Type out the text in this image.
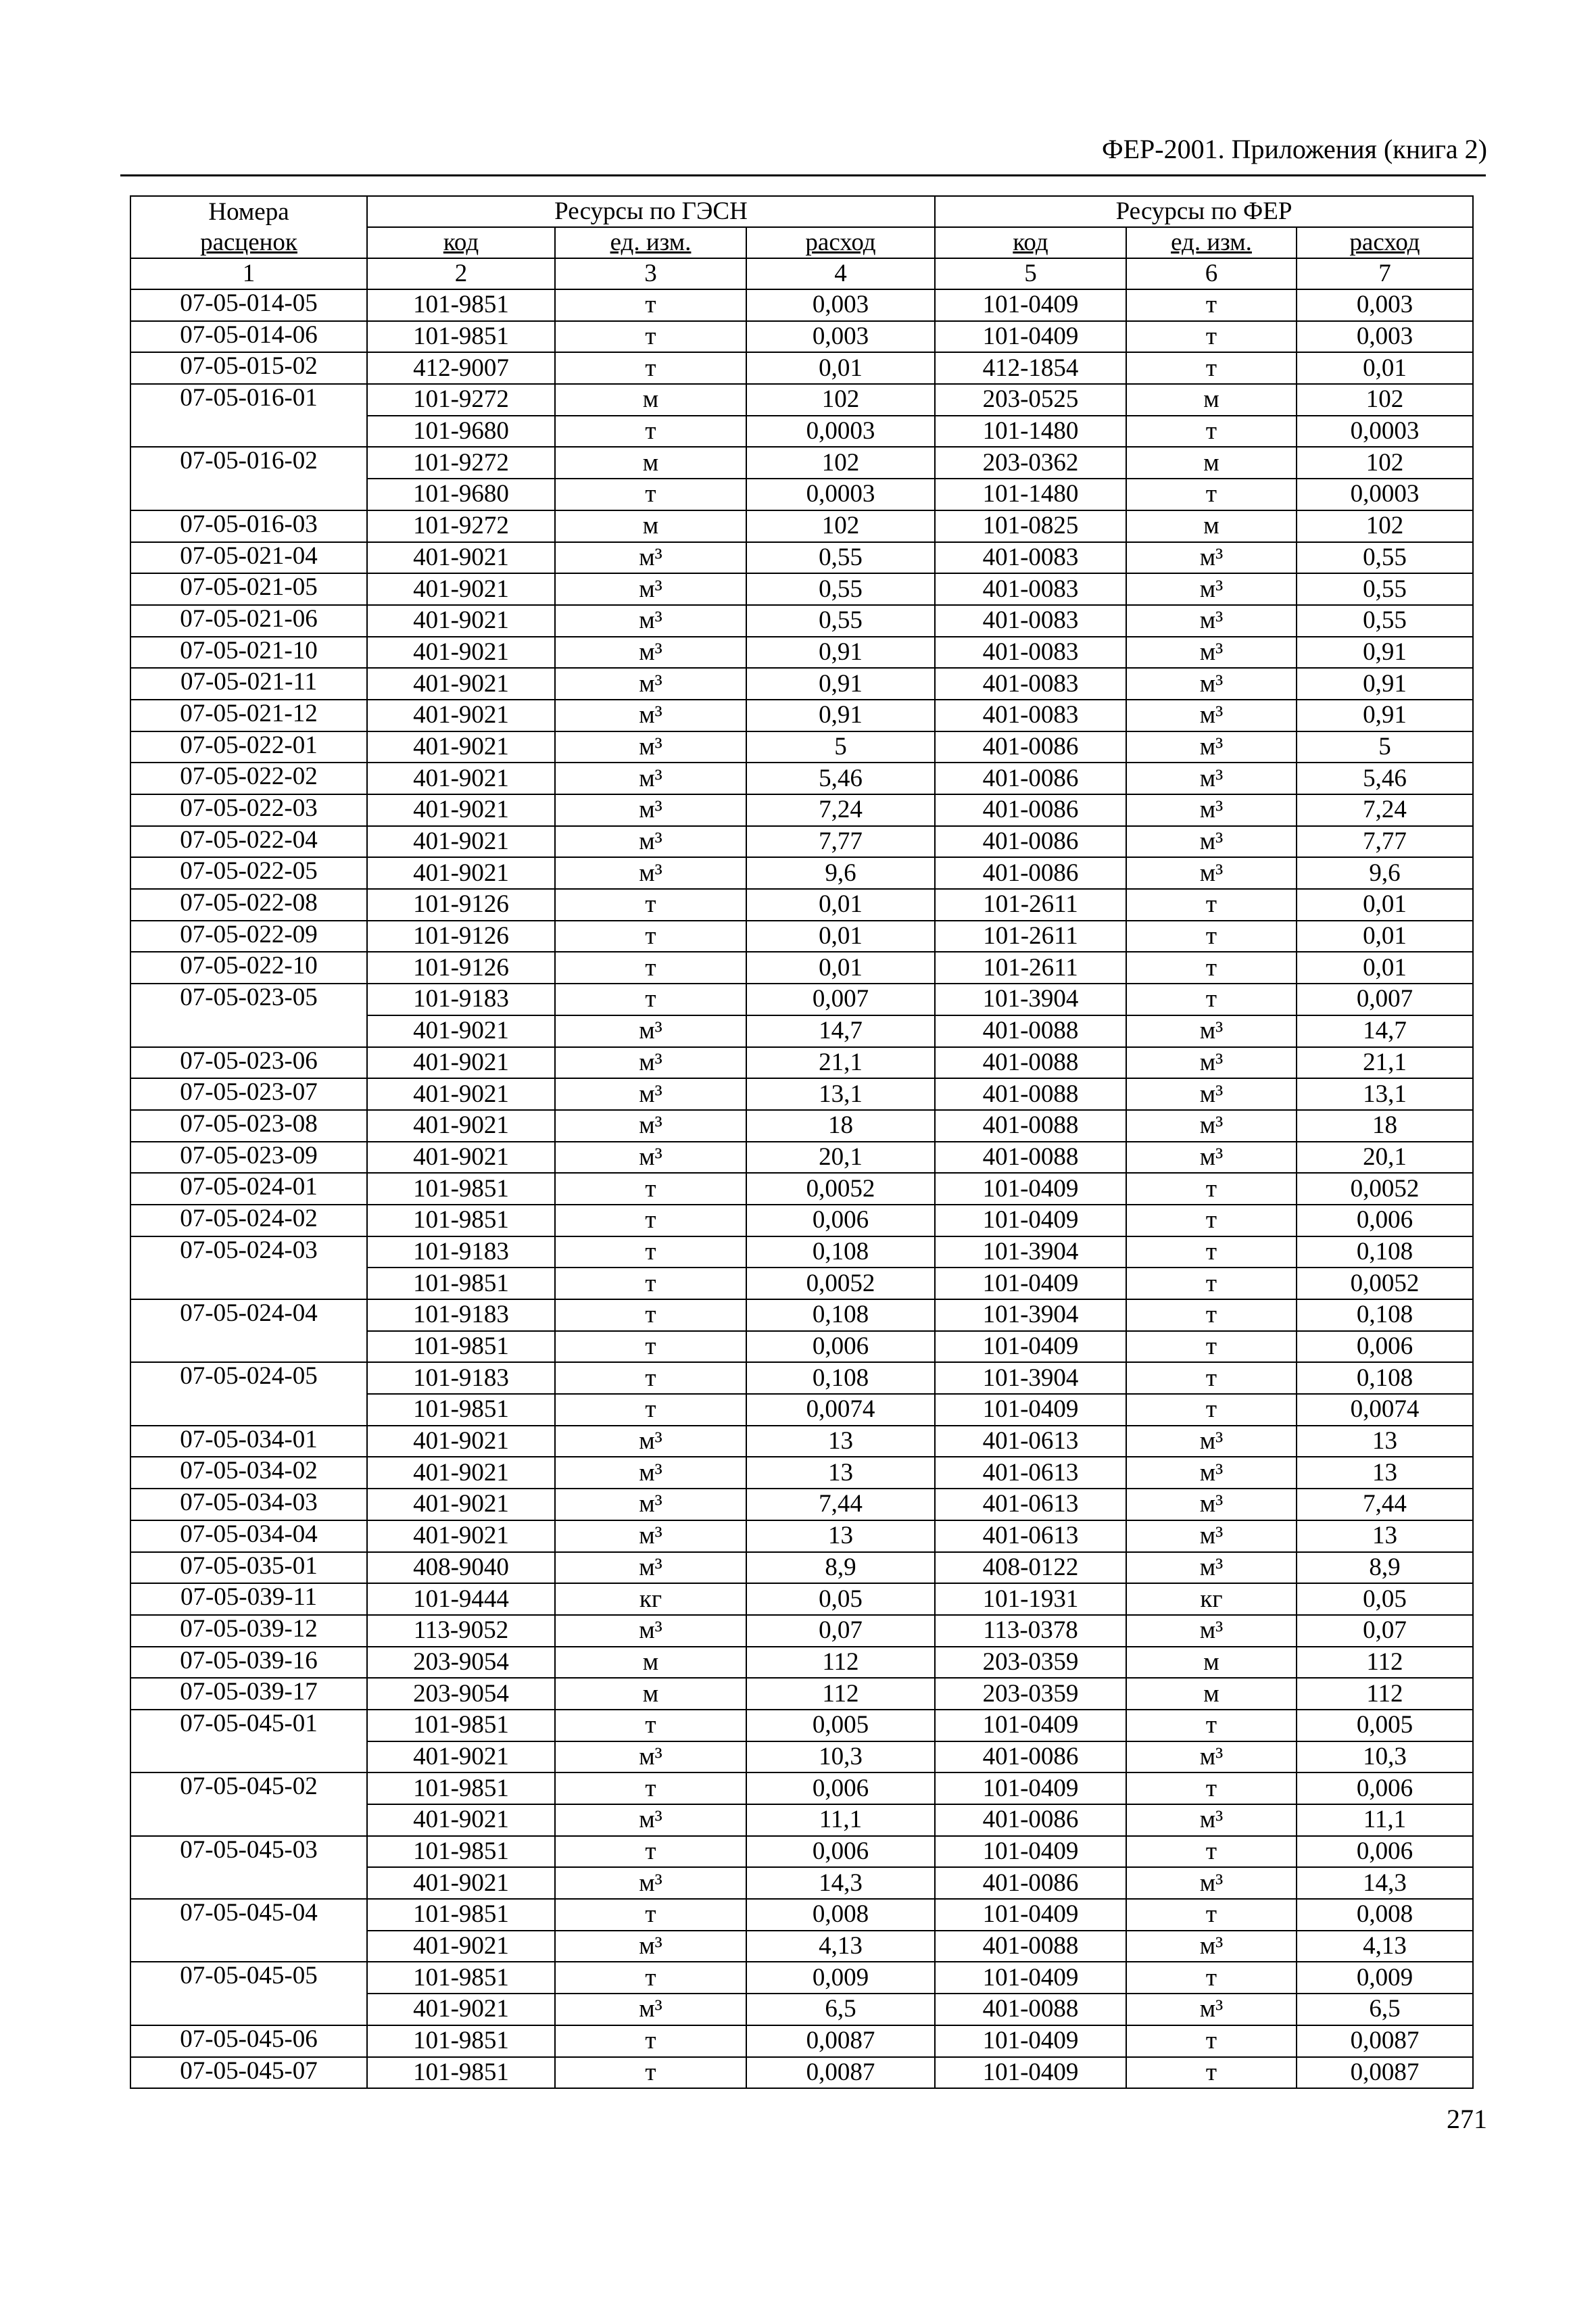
ФЕР-2001. Приложения (книга 2)
Номера	Ресурсы по ГЭСН			Ресурсы по ФЕР		
расценок	код	ед. изм.	расход	код	ед. изм.	расход
1	2	3	4	5	6	7
07-05-014-05	101-9851	т	0,003	101-0409	т	0,003
07-05-014-06	101-9851	т	0,003	101-0409	т	0,003
07-05-015-02	412-9007	т	0,01	412-1854	т	0,01
07-05-016-01	101-9272	м	102	203-0525	м	102
	101-9680	т	0,0003	101-1480	т	0,0003
07-05-016-02	101-9272	м	102	203-0362	м	102
	101-9680	т	0,0003	101-1480	т	0,0003
07-05-016-03	101-9272	м	102	101-0825	м	102
07-05-021-04	401-9021	м³	0,55	401-0083	м³	0,55
07-05-021-05	401-9021	м³	0,55	401-0083	м³	0,55
07-05-021-06	401-9021	м³	0,55	401-0083	м³	0,55
07-05-021-10	401-9021	м³	0,91	401-0083	м³	0,91
07-05-021-11	401-9021	м³	0,91	401-0083	м³	0,91
07-05-021-12	401-9021	м³	0,91	401-0083	м³	0,91
07-05-022-01	401-9021	м³	5	401-0086	м³	5
07-05-022-02	401-9021	м³	5,46	401-0086	м³	5,46
07-05-022-03	401-9021	м³	7,24	401-0086	м³	7,24
07-05-022-04	401-9021	м³	7,77	401-0086	м³	7,77
07-05-022-05	401-9021	м³	9,6	401-0086	м³	9,6
07-05-022-08	101-9126	т	0,01	101-2611	т	0,01
07-05-022-09	101-9126	т	0,01	101-2611	т	0,01
07-05-022-10	101-9126	т	0,01	101-2611	т	0,01
07-05-023-05	101-9183	т	0,007	101-3904	т	0,007
	401-9021	м³	14,7	401-0088	м³	14,7
07-05-023-06	401-9021	м³	21,1	401-0088	м³	21,1
07-05-023-07	401-9021	м³	13,1	401-0088	м³	13,1
07-05-023-08	401-9021	м³	18	401-0088	м³	18
07-05-023-09	401-9021	м³	20,1	401-0088	м³	20,1
07-05-024-01	101-9851	т	0,0052	101-0409	т	0,0052
07-05-024-02	101-9851	т	0,006	101-0409	т	0,006
07-05-024-03	101-9183	т	0,108	101-3904	т	0,108
	101-9851	т	0,0052	101-0409	т	0,0052
07-05-024-04	101-9183	т	0,108	101-3904	т	0,108
	101-9851	т	0,006	101-0409	т	0,006
07-05-024-05	101-9183	т	0,108	101-3904	т	0,108
	101-9851	т	0,0074	101-0409	т	0,0074
07-05-034-01	401-9021	м³	13	401-0613	м³	13
07-05-034-02	401-9021	м³	13	401-0613	м³	13
07-05-034-03	401-9021	м³	7,44	401-0613	м³	7,44
07-05-034-04	401-9021	м³	13	401-0613	м³	13
07-05-035-01	408-9040	м³	8,9	408-0122	м³	8,9
07-05-039-11	101-9444	кг	0,05	101-1931	кг	0,05
07-05-039-12	113-9052	м³	0,07	113-0378	м³	0,07
07-05-039-16	203-9054	м	112	203-0359	м	112
07-05-039-17	203-9054	м	112	203-0359	м	112
07-05-045-01	101-9851	т	0,005	101-0409	т	0,005
	401-9021	м³	10,3	401-0086	м³	10,3
07-05-045-02	101-9851	т	0,006	101-0409	т	0,006
	401-9021	м³	11,1	401-0086	м³	11,1
07-05-045-03	101-9851	т	0,006	101-0409	т	0,006
	401-9021	м³	14,3	401-0086	м³	14,3
07-05-045-04	101-9851	т	0,008	101-0409	т	0,008
	401-9021	м³	4,13	401-0088	м³	4,13
07-05-045-05	101-9851	т	0,009	101-0409	т	0,009
	401-9021	м³	6,5	401-0088	м³	6,5
07-05-045-06	101-9851	т	0,0087	101-0409	т	0,0087
07-05-045-07	101-9851	т	0,0087	101-0409	т	0,0087
271
